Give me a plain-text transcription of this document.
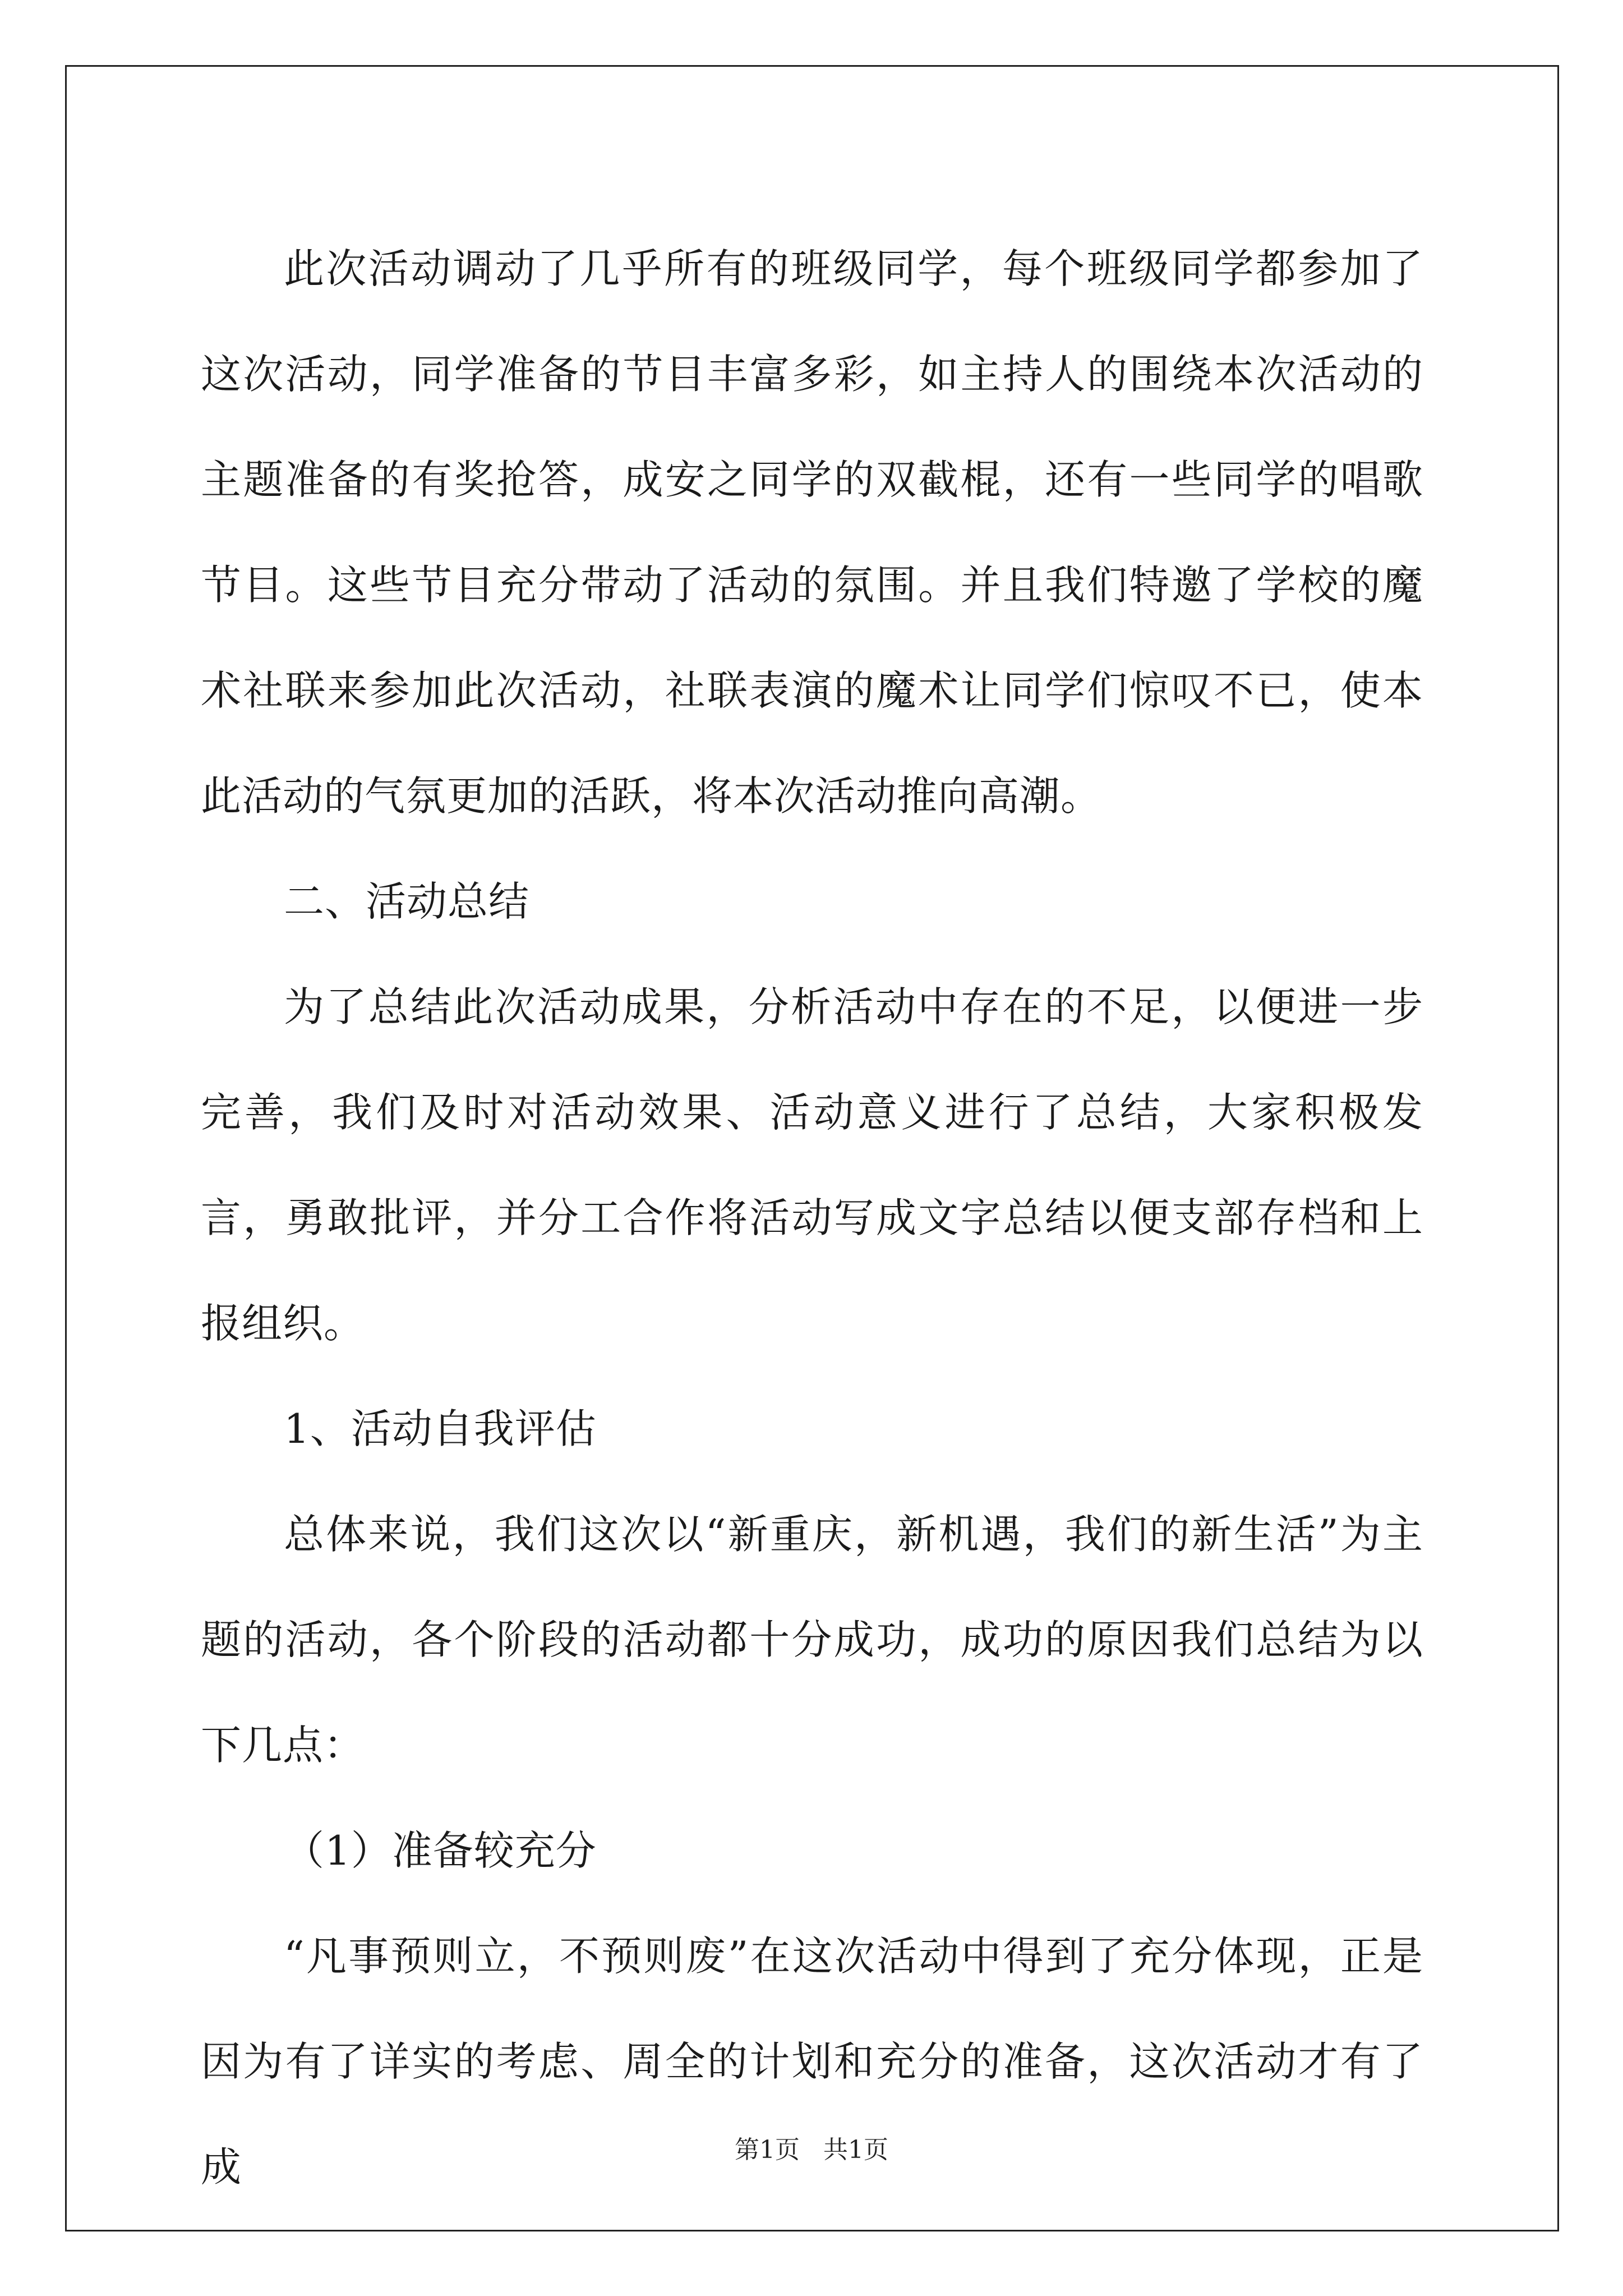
此次活动调动了几乎所有的班级同学，每个班级同学都参加了这次活动，同学准备的节目丰富多彩，如主持人的围绕本次活动的主题准备的有奖抢答，成安之同学的双截棍，还有一些同学的唱歌节目。这些节目充分带动了活动的氛围。并且我们特邀了学校的魔术社联来参加此次活动，社联表演的魔术让同学们惊叹不已，使本此活动的气氛更加的活跃，将本次活动推向高潮。

二、活动总结

为了总结此次活动成果，分析活动中存在的不足，以便进一步完善，我们及时对活动效果、活动意义进行了总结，大家积极发言，勇敢批评，并分工合作将活动写成文字总结以便支部存档和上报组织。

1、活动自我评估

总体来说，我们这次以“新重庆，新机遇，我们的新生活”为主题的活动，各个阶段的活动都十分成功，成功的原因我们总结为以下几点：

（1）准备较充分

“凡事预则立，不预则废”在这次活动中得到了充分体现，正是因为有了详实的考虑、周全的计划和充分的准备，这次活动才有了成	第1页 共1页
